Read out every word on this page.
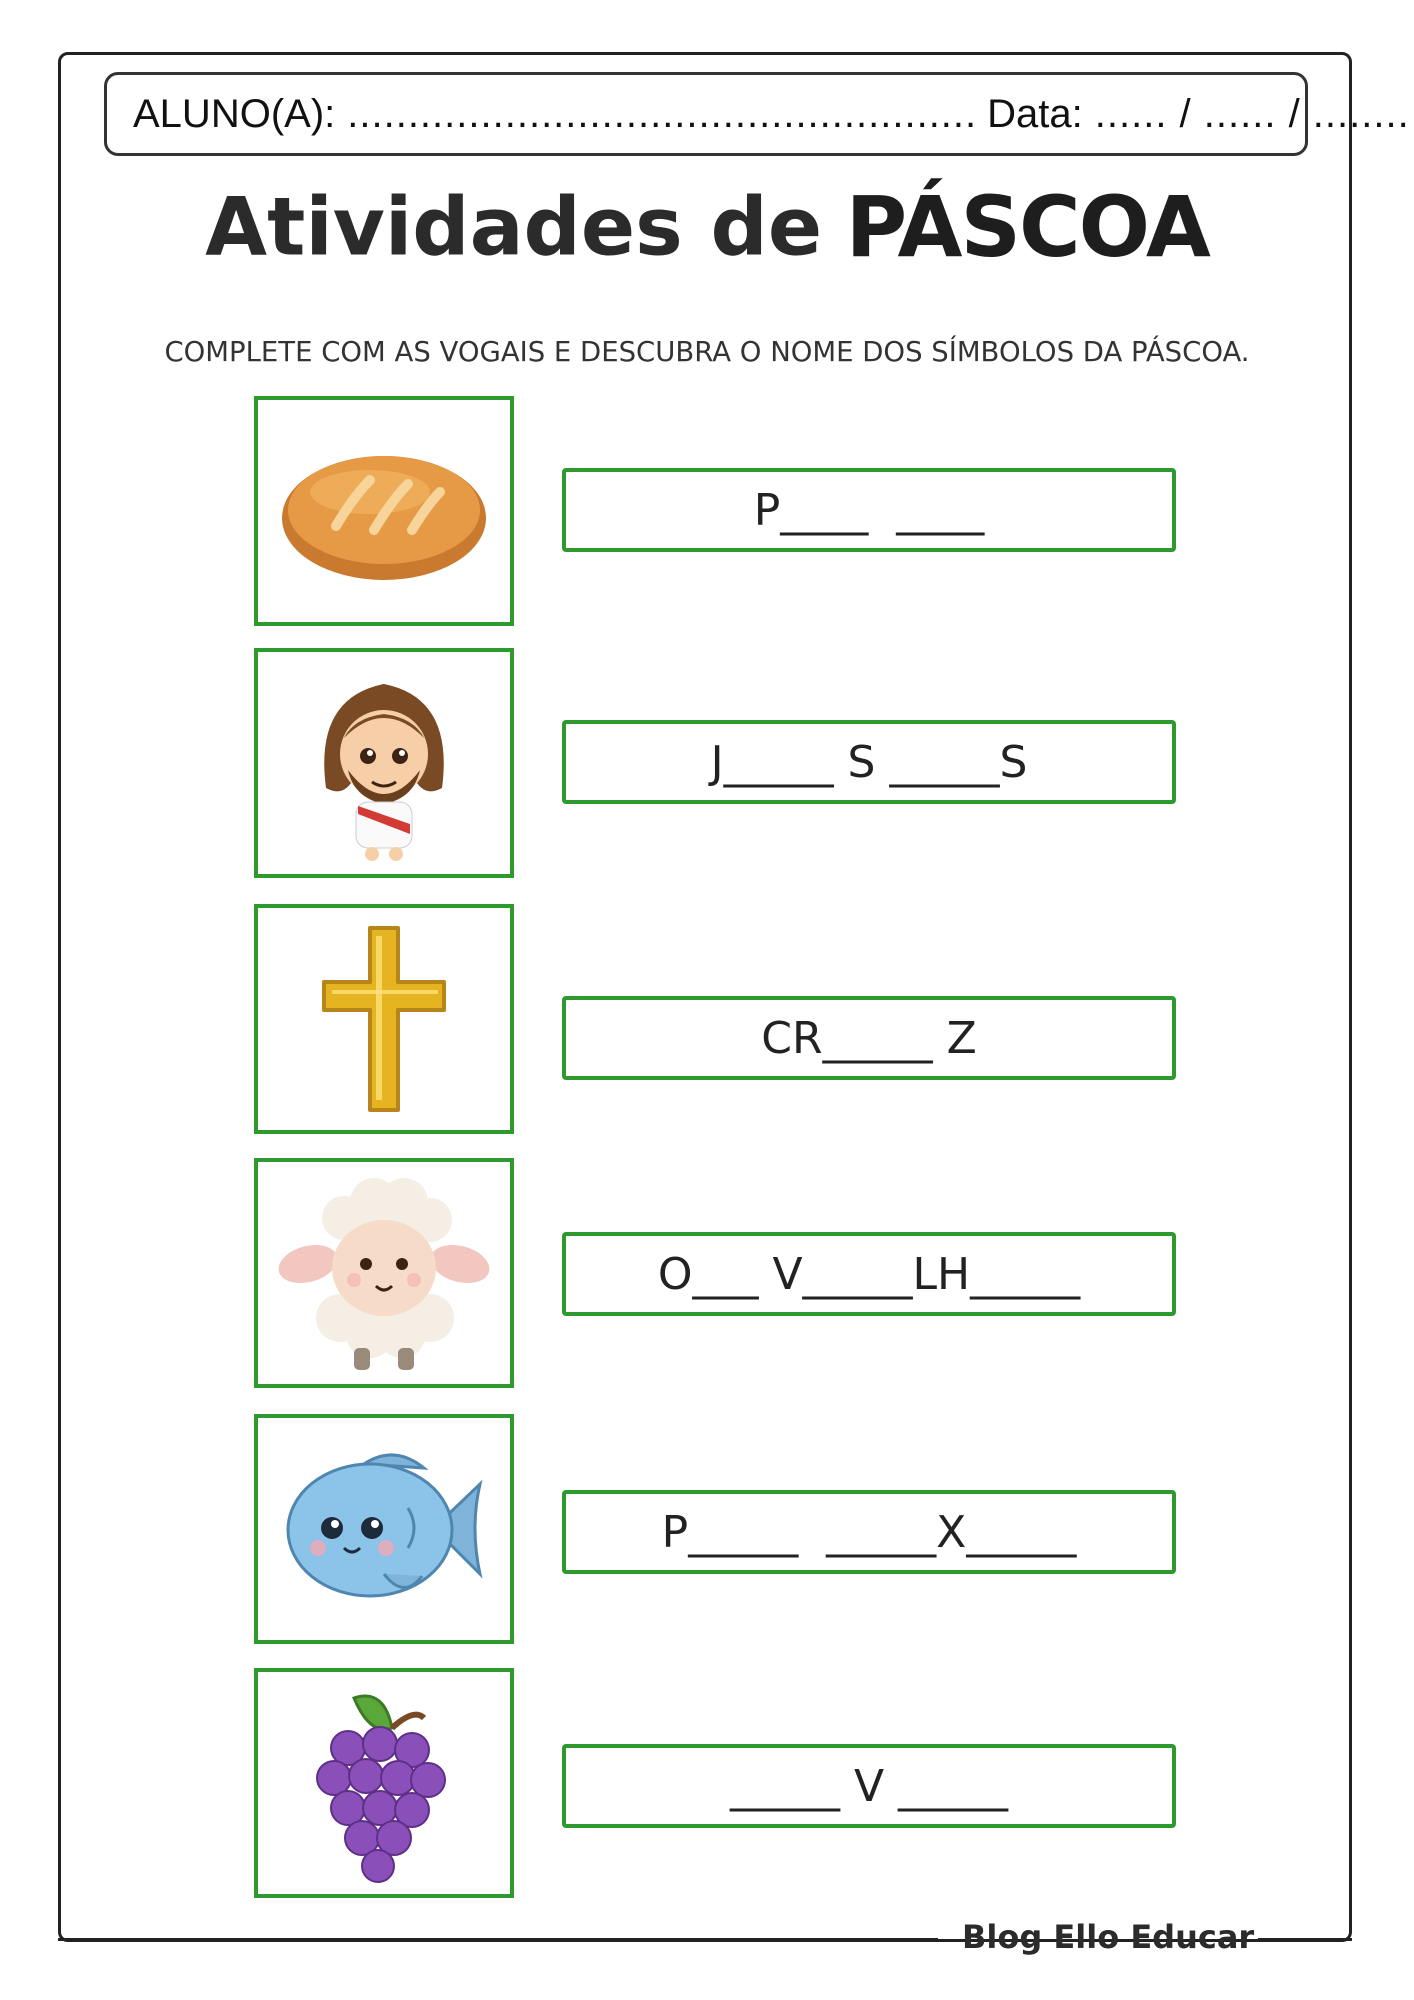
ALUNO(A): .................................................... Data: ...... / ...... / ........
Atividades de PÁSCOA
COMPLETE COM AS VOGAIS E DESCUBRA O NOME DOS SÍMBOLOS DA PÁSCOA.
P____  ____
J_____ S _____S
CR_____ Z
O___ V_____LH_____
P_____  _____X_____
_____ V _____
Blog Ello Educar
